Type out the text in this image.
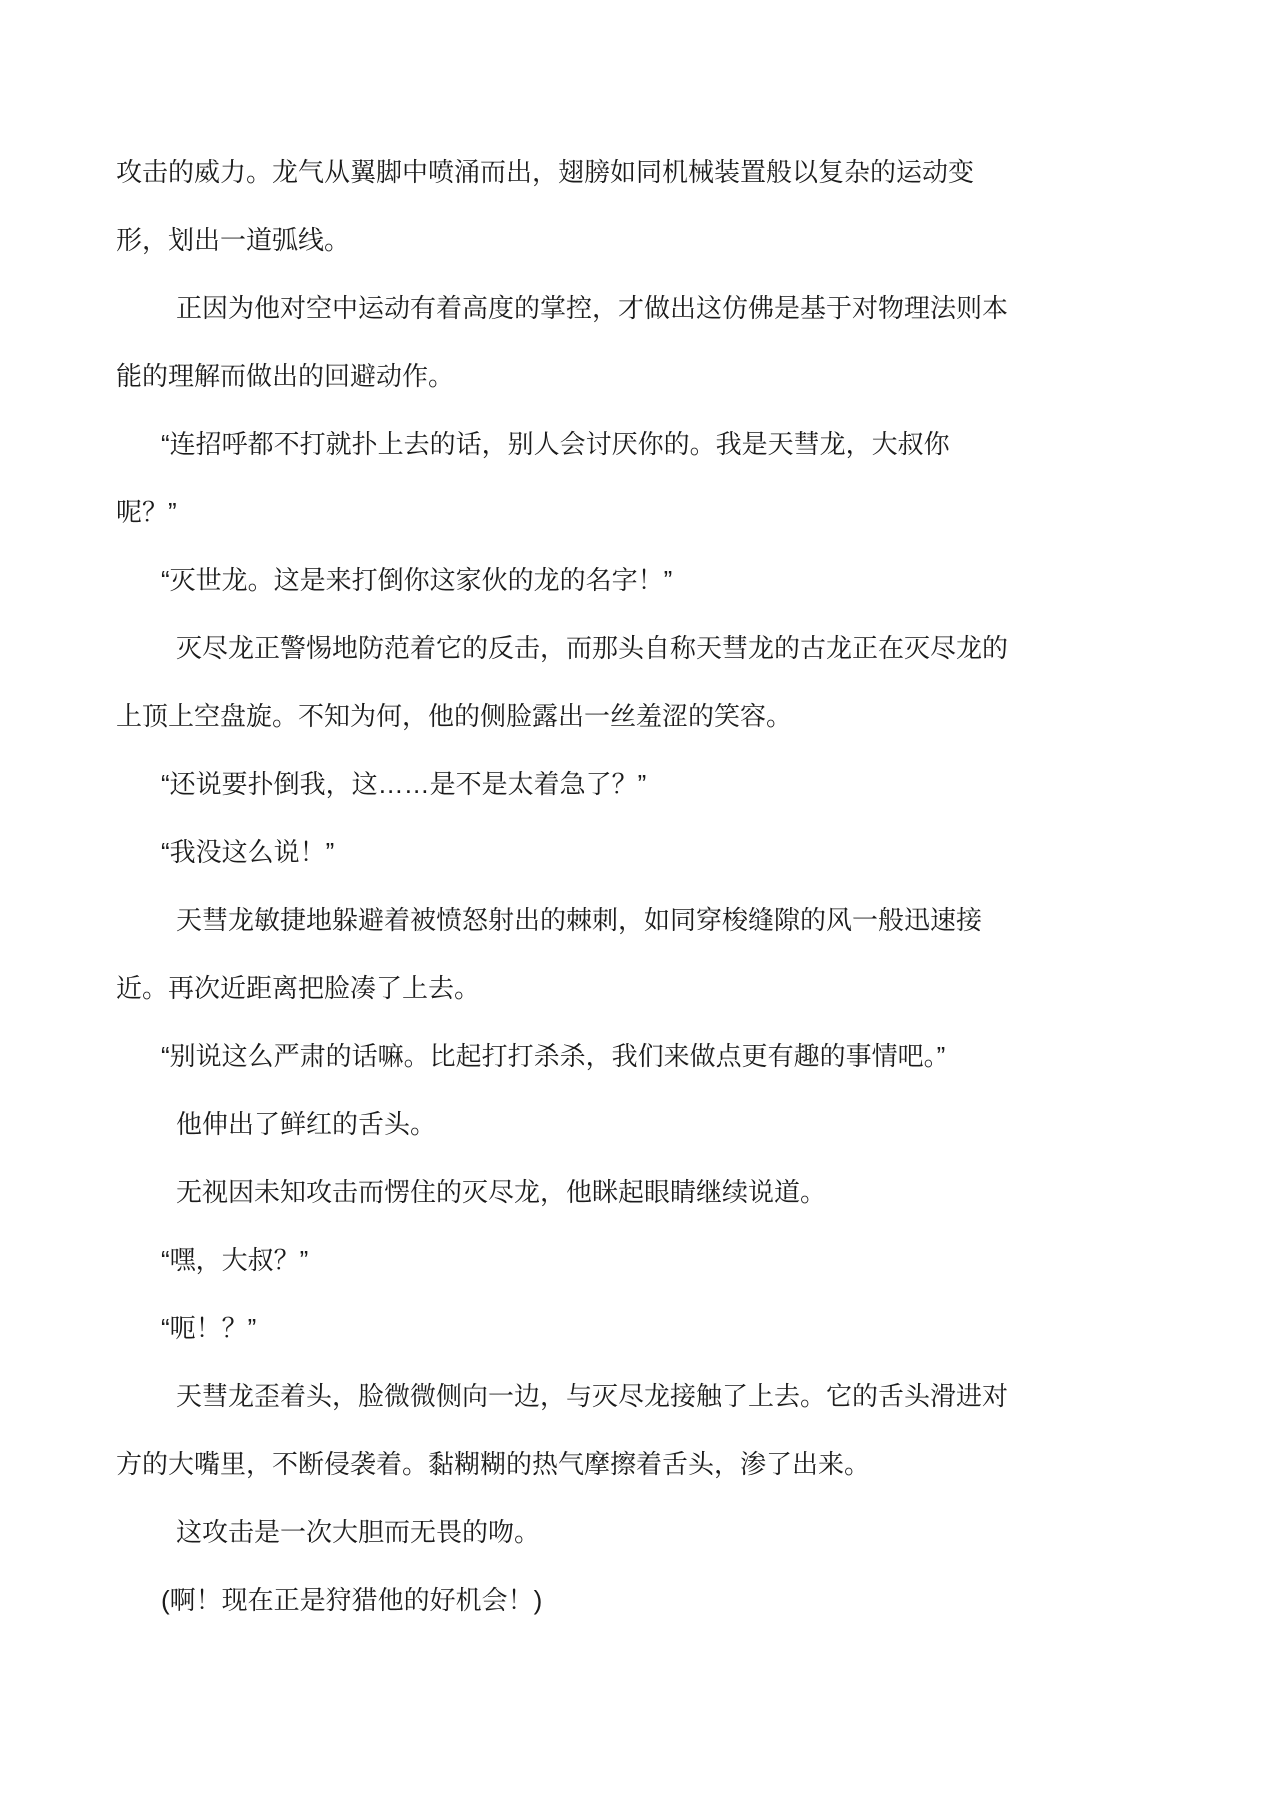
攻击的威力。龙气从翼脚中喷涌而出，翅膀如同机械装置般以复杂的运动变
形，划出一道弧线。
正因为他对空中运动有着高度的掌控，才做出这仿佛是基于对物理法则本
能的理解而做出的回避动作。
“连招呼都不打就扑上去的话，别人会讨厌你的。我是天彗龙，大叔你
呢？”
“灭世龙。这是来打倒你这家伙的龙的名字！”
灭尽龙正警惕地防范着它的反击，而那头自称天彗龙的古龙正在灭尽龙的
上顶上空盘旋。不知为何，他的侧脸露出一丝羞涩的笑容。
“还说要扑倒我，这……是不是太着急了？”
“我没这么说！”
天彗龙敏捷地躲避着被愤怒射出的棘刺，如同穿梭缝隙的风一般迅速接
近。再次近距离把脸凑了上去。
“别说这么严肃的话嘛。比起打打杀杀，我们来做点更有趣的事情吧。”
他伸出了鲜红的舌头。
无视因未知攻击而愣住的灭尽龙，他眯起眼睛继续说道。
“嘿，大叔？”
“呃！？”
天彗龙歪着头，脸微微侧向一边，与灭尽龙接触了上去。它的舌头滑进对
方的大嘴里，不断侵袭着。黏糊糊的热气摩擦着舌头，渗了出来。
这攻击是一次大胆而无畏的吻。
(啊！现在正是狩猎他的好机会！)
